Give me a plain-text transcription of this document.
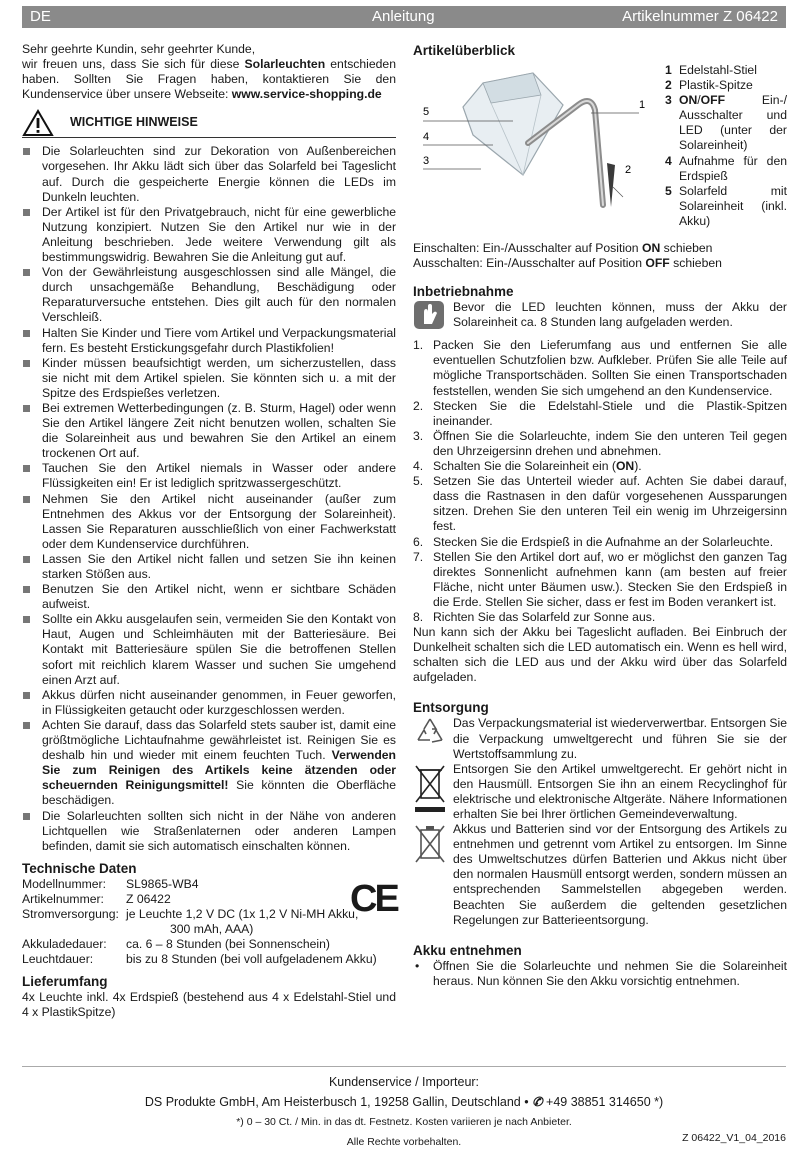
DE	Anleitung	Artikelnummer Z 06422

Sehr geehrte Kundin, sehr geehrter Kunde,

wir freuen uns, dass Sie sich für diese Solarleuchten entschieden haben. Sollten Sie Fragen haben, kontaktieren Sie den Kundenservice über unsere Webseite: www.service-shopping.de

WICHTIGE HINWEISE
Die Solarleuchten sind zur Dekoration von Außenbereichen vorgesehen. Ihr Akku lädt sich über das Solarfeld bei Tageslicht auf. Durch die gespeicherte Energie können die LEDs im Dunkeln leuchten.
Der Artikel ist für den Privatgebrauch, nicht für eine gewerbliche Nutzung konzipiert. Nutzen Sie den Artikel nur wie in der Anleitung beschrieben. Jede weitere Verwendung gilt als bestimmungswidrig. Bewahren Sie die Anleitung gut auf.
Von der Gewährleistung ausgeschlossen sind alle Mängel, die durch unsachgemäße Behandlung, Beschädigung oder Reparaturversuche entstehen. Dies gilt auch für den normalen Verschleiß.
Halten Sie Kinder und Tiere vom Artikel und Verpackungsmaterial fern. Es besteht Erstickungsgefahr durch Plastikfolien!
Kinder müssen beaufsichtigt werden, um sicherzustellen, dass sie nicht mit dem Artikel spielen. Sie könnten sich u. a mit der Spitze des Erdspießes verletzen.
Bei extremen Wetterbedingungen (z. B. Sturm, Hagel) oder wenn Sie den Artikel längere Zeit nicht benutzen wollen, schalten Sie die Solareinheit aus und bewahren Sie den Artikel an einem trockenen Ort auf.
Tauchen Sie den Artikel niemals in Wasser oder andere Flüssigkeiten ein! Er ist lediglich spritzwassergeschützt.
Nehmen Sie den Artikel nicht auseinander (außer zum Entnehmen des Akkus vor der Entsorgung der Solareinheit). Lassen Sie Reparaturen ausschließlich von einer Fachwerkstatt oder dem Kundenservice durchführen.
Lassen Sie den Artikel nicht fallen und setzen Sie ihn keinen starken Stößen aus.
Benutzen Sie den Artikel nicht, wenn er sichtbare Schäden aufweist.
Sollte ein Akku ausgelaufen sein, vermeiden Sie den Kontakt von Haut, Augen und Schleimhäuten mit der Batteriesäure. Bei Kontakt mit Batteriesäure spülen Sie die betroffenen Stellen sofort mit reichlich klarem Wasser und suchen Sie umgehend einen Arzt auf.
Akkus dürfen nicht auseinander genommen, in Feuer geworfen, in Flüssigkeiten getaucht oder kurzgeschlossen werden.
Achten Sie darauf, dass das Solarfeld stets sauber ist, damit eine größtmögliche Lichtaufnahme gewährleistet ist. Reinigen Sie es deshalb hin und wieder mit einem feuchten Tuch. Verwenden Sie zum Reinigen des Artikels keine ätzenden oder scheuernden Reinigungsmittel! Sie könnten die Oberfläche beschädigen.
Die Solarleuchten sollten sich nicht in der Nähe von anderen Lichtquellen wie Straßenlaternen oder anderen Lampen befinden, damit sie sich automatisch einschalten können.
Technische Daten
Modellnummer:	SL9865-WB4
Artikelnummer:	Z 06422
Stromversorgung:	je Leuchte 1,2 V DC (1x 1,2 V Ni-MH Akku,
300 mAh, AAA)
Akkuladedauer:	ca. 6 – 8 Stunden (bei Sonnenschein)
Leuchtdauer:	bis zu 8 Stunden (bei voll aufgeladenem Akku)
CE
Lieferumfang

4x Leuchte inkl. 4x Erdspieß (bestehend aus 4 x Edelstahl-Stiel und 4 x PlastikSpitze)

Artikelüberblick
5
4
3
1
2
1 Edelstahl-Stiel
2 Plastik-Spitze
3 ON/OFF Ein-/ Ausschalter und LED (unter der Solareinheit)
4 Aufnahme für den Erdspieß
5 Solarfeld mit Solareinheit (inkl. Akku)

Einschalten: Ein-/Ausschalter auf Position ON schieben

Ausschalten: Ein-/Ausschalter auf Position OFF schieben

Inbetriebnahme
Bevor die LED leuchten können, muss der Akku der Solareinheit ca. 8 Stunden lang aufgeladen werden.
1. Packen Sie den Lieferumfang aus und entfernen Sie alle eventuellen Schutzfolien bzw. Aufkleber. Prüfen Sie alle Teile auf mögliche Transportschäden. Sollten Sie einen Transportschaden feststellen, wenden Sie sich umgehend an den Kundenservice.
2. Stecken Sie die Edelstahl-Stiele und die Plastik-Spitzen ineinander.
3. Öffnen Sie die Solarleuchte, indem Sie den unteren Teil gegen den Uhrzeigersinn drehen und abnehmen.
4. Schalten Sie die Solareinheit ein (ON).
5. Setzen Sie das Unterteil wieder auf. Achten Sie dabei darauf, dass die Rastnasen in den dafür vorgesehenen Aussparungen sitzen. Drehen Sie den unteren Teil ein wenig im Uhrzeigersinn fest.
6. Stecken Sie die Erdspieß in die Aufnahme an der Solarleuchte.
7. Stellen Sie den Artikel dort auf, wo er möglichst den ganzen Tag direktes Sonnenlicht aufnehmen kann (am besten auf freier Fläche, nicht unter Bäumen usw.). Stecken Sie den Erdspieß in die Erde. Stellen Sie sicher, dass er fest im Boden verankert ist.
8. Richten Sie das Solarfeld zur Sonne aus.

Nun kann sich der Akku bei Tageslicht aufladen. Bei Einbruch der Dunkelheit schalten sich die LED automatisch ein. Wenn es hell wird, schalten sich die LED aus und der Akku wird über das Solarfeld aufgeladen.

Entsorgung
Das Verpackungsmaterial ist wiederverwertbar. Entsorgen Sie die Verpackung umweltgerecht und führen Sie sie der Wertstoffsammlung zu.
Entsorgen Sie den Artikel umweltgerecht. Er gehört nicht in den Hausmüll. Entsorgen Sie ihn an einem Recyclinghof für elektrische und elektronische Altgeräte. Nähere Informationen erhalten Sie bei Ihrer örtlichen Gemeindeverwaltung.
Akkus und Batterien sind vor der Entsorgung des Artikels zu entnehmen und getrennt vom Artikel zu entsorgen. Im Sinne des Umweltschutzes dürfen Batterien und Akkus nicht über den normalen Hausmüll entsorgt werden, sondern müssen an entsprechenden Sammelstellen abgegeben werden. Beachten Sie außerdem die geltenden gesetzlichen Regelungen zur Batterieentsorgung.
Akku entnehmen
•	Öffnen Sie die Solarleuchte und nehmen Sie die Solareinheit heraus. Nun können Sie den Akku vorsichtig entnehmen.
Kundenservice / Importeur:
DS Produkte GmbH, Am Heisterbusch 1, 19258 Gallin, Deutschland • ✆ +49 38851 314650 *)
*) 0 – 30 Ct. / Min. in das dt. Festnetz. Kosten variieren je nach Anbieter.
Alle Rechte vorbehalten.	Z 06422_V1_04_2016
